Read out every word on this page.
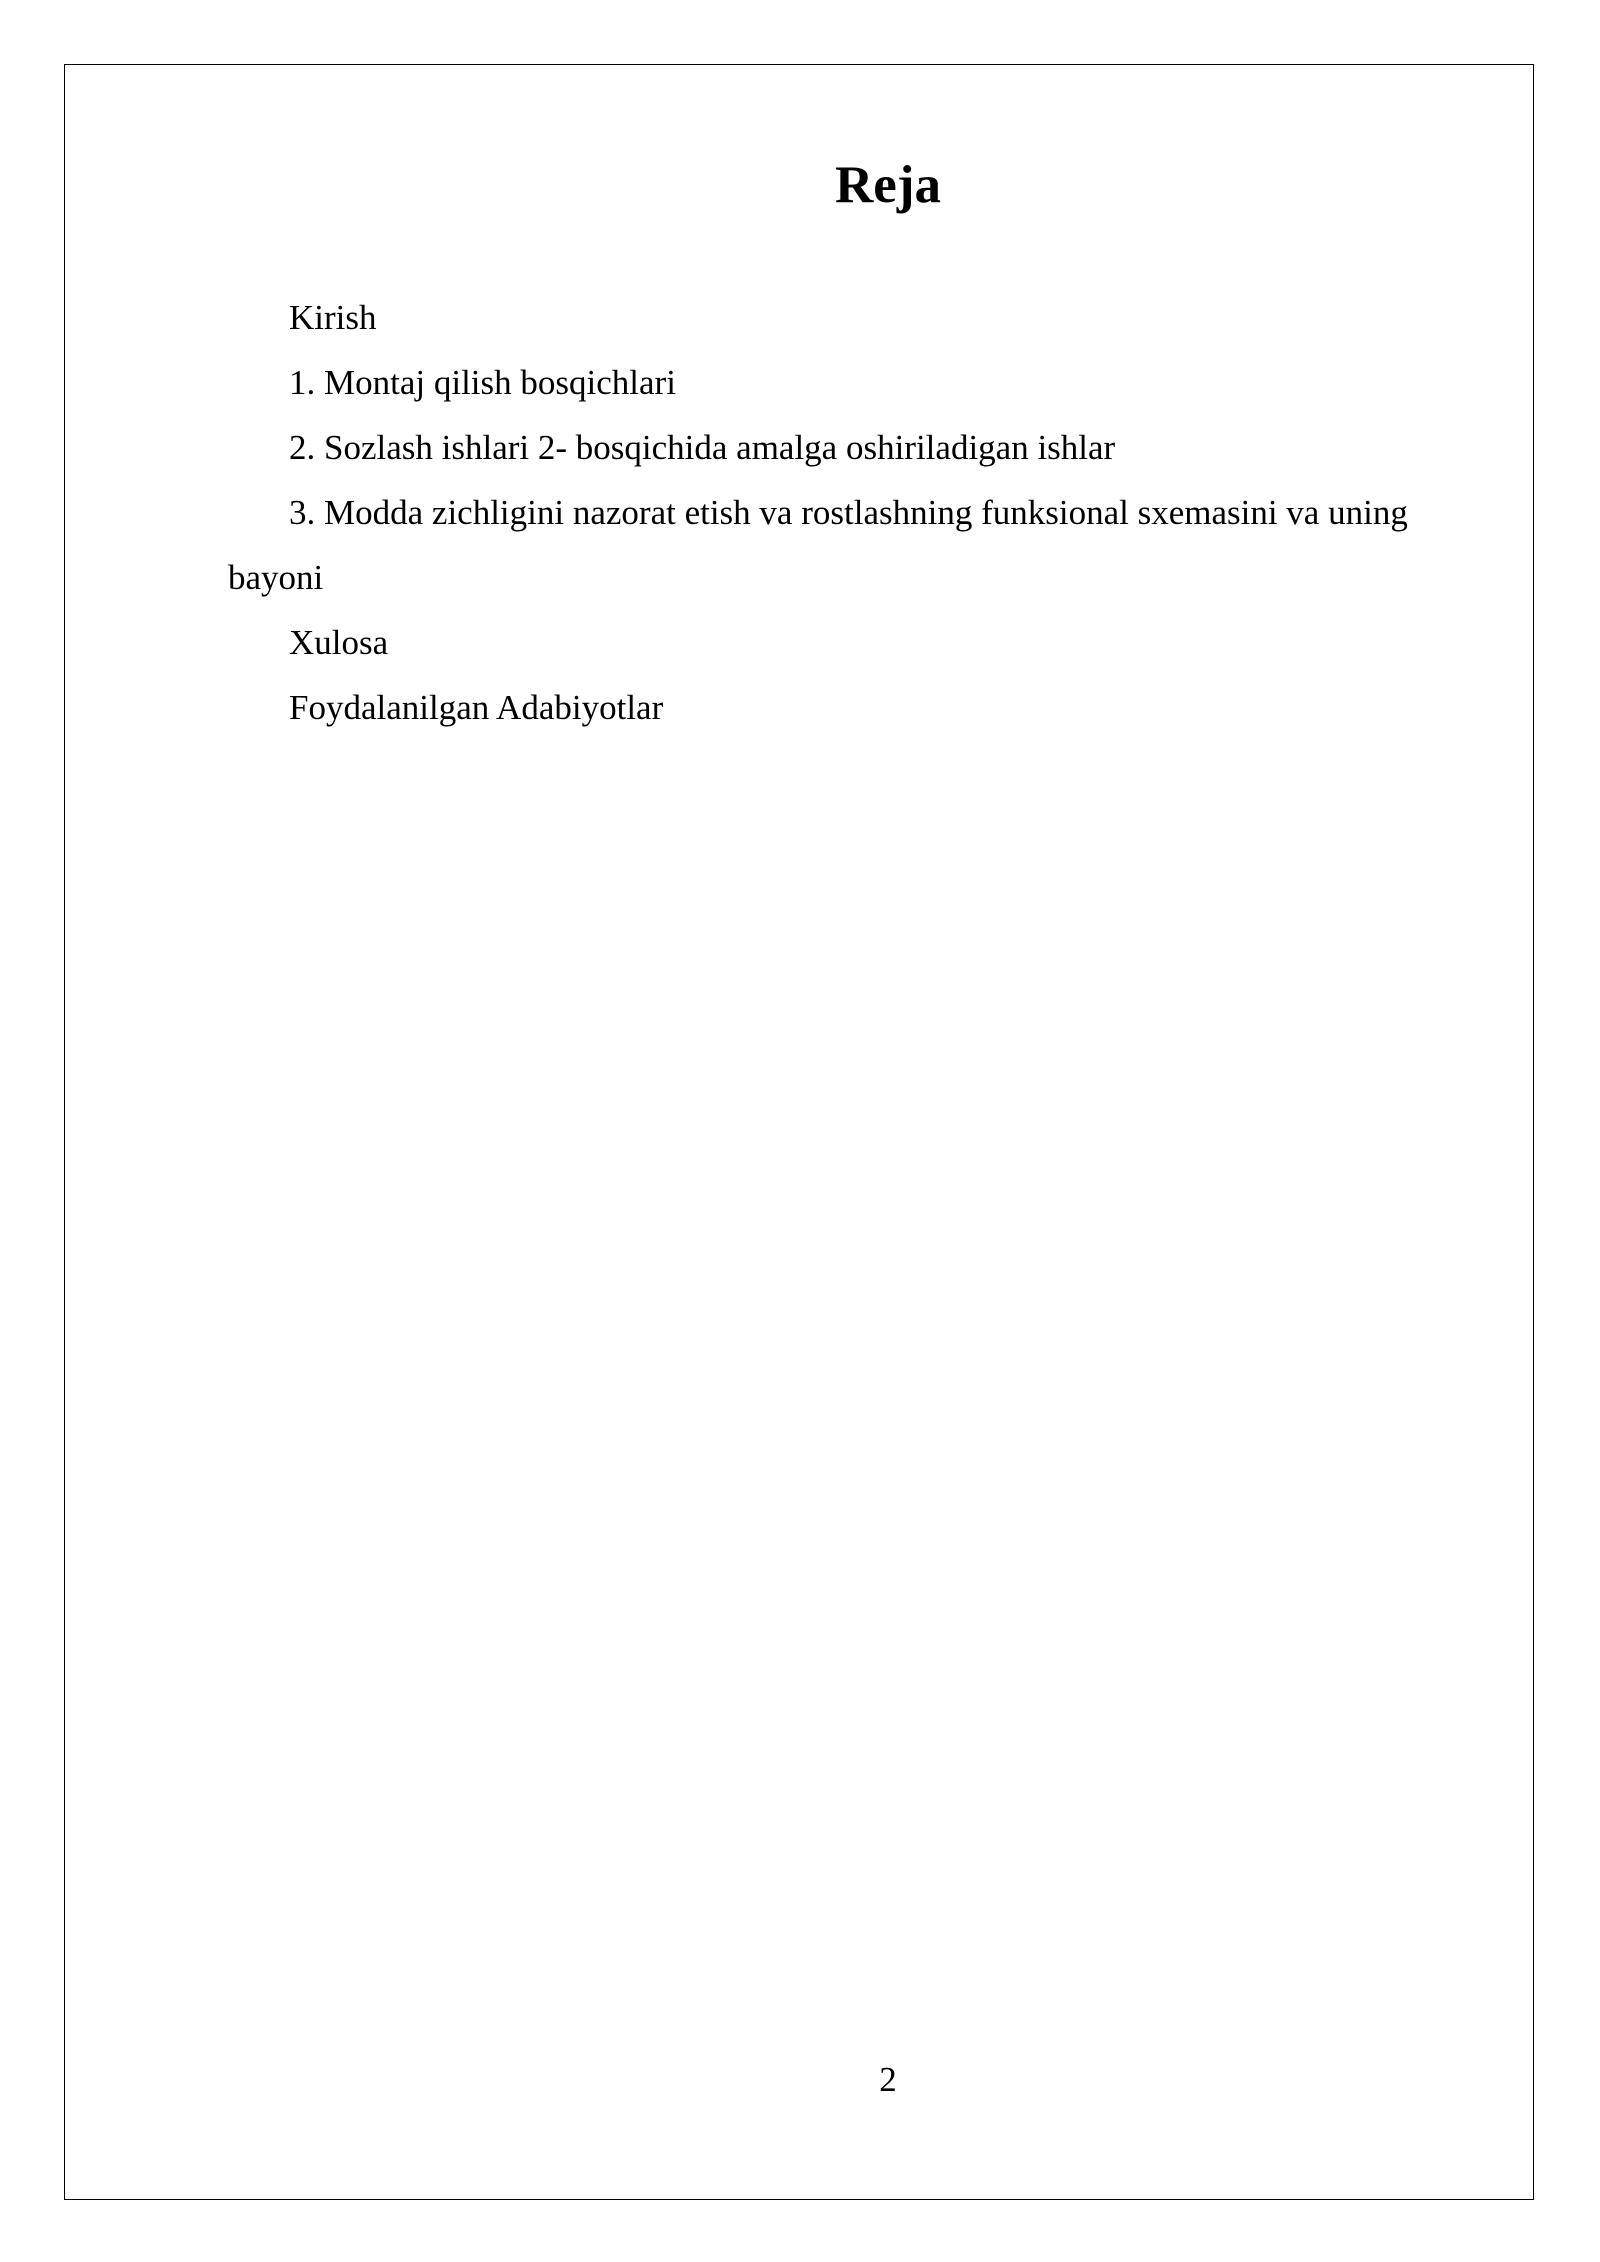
Reja
Kirish
1. Montaj qilish bosqichlari
2. Sozlash ishlari 2- bosqichida amalga oshiriladigan ishlar
3. Modda zichligini nazorat etish va rostlashning funksional sxemasini va uning bayoni
Xulosa
Foydalanilgan Adabiyotlar
2
